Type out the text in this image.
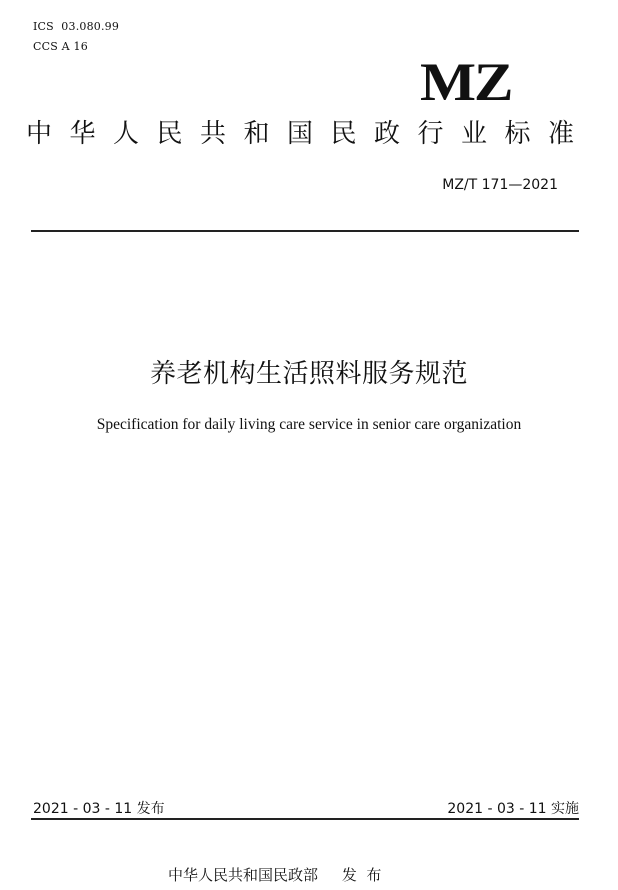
ICS  03.080.99
CCS A 16
MZ
中华人民共和国民政行业标准
MZ/T 171—2021
养老机构生活照料服务规范
Specification for daily living care service in senior care organization
2021 - 03 - 11 发布	2021 - 03 - 11 实施
中华人民共和国民政部     发  布
